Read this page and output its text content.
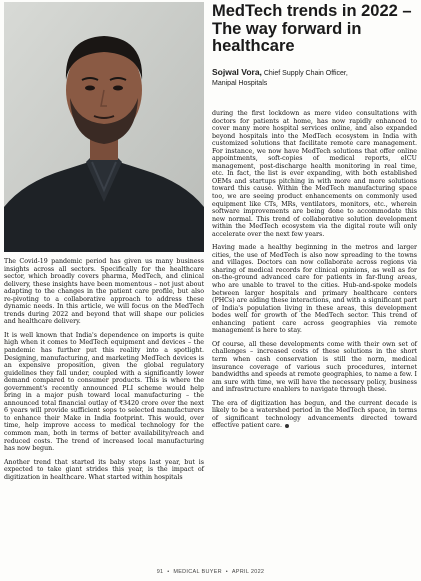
MedTech trends in 2022 – The way forward in healthcare
Sojwal Vora, Chief Supply Chain Officer,
Manipal Hospitals

The Covid-19 pandemic period has given us many business insights across all sectors. Specifically for the healthcare sector, which broadly covers pharma, MedTech, and clinical delivery, these insights have been momentous – not just about adapting to the changes in the patient care profile, but also re-pivoting to a collaborative approach to address these dynamic needs. In this article, we will focus on the MedTech trends during 2022 and beyond that will shape our policies and healthcare delivery.

It is well known that India's dependence on imports is quite high when it comes to MedTech equipment and devices – the pandemic has further put this reality into a spotlight. Designing, manufacturing, and marketing MedTech devices is an expensive proposition, given the global regulatory guidelines they fall under, coupled with a significantly lower demand compared to consumer products. This is where the government's recently announced PLI scheme would help bring in a major push toward local manufacturing – the announced total financial outlay of ₹3420 crore over the next 6 years will provide sufficient sops to selected manufacturers to enhance their Make in India footprint. This would, over time, help improve access to medical technology for the common man, both in terms of better availability/reach and reduced costs. The trend of increased local manufacturing has now begun.

Another trend that started its baby steps last year, but is expected to take giant strides this year, is the impact of digitization in healthcare. What started within hospitals

during the first lockdown as mere video consultations with doctors for patients at home, has now rapidly enhanced to cover many more hospital services online, and also expanded beyond hospitals into the MedTech ecosystem in India with customized solutions that facilitate remote care management. For instance, we now have MedTech solutions that offer online appointments, soft-copies of medical reports, eICU management, post-discharge health monitoring in real time, etc. In fact, the list is ever expanding, with both established OEMs and startups pitching in with more and more solutions toward this cause. Within the MedTech manufacturing space too, we are seeing product enhancements on commonly used equipment like CTs, MRs, ventilators, monitors, etc., wherein software improvements are being done to accommodate this new normal. This trend of collaborative solution development within the MedTech ecosystem via the digital route will only accelerate over the next few years.

Having made a healthy beginning in the metros and larger cities, the use of MedTech is also now spreading to the towns and villages. Doctors can now collaborate across regions via sharing of medical records for clinical opinions, as well as for on-the-ground advanced care for patients in far-flung areas, who are unable to travel to the cities. Hub-and-spoke models between larger hospitals and primary healthcare centers (PHCs) are aiding these interactions, and with a significant part of India's population living in these areas, this development bodes well for growth of the MedTech sector. This trend of enhancing patient care across geographies via remote management is here to stay.

Of course, all these developments come with their own set of challenges – increased costs of these solutions in the short term when cash conservation is still the norm, medical insurance coverage of various such procedures, internet bandwidths and speeds at remote geographies, to name a few. I am sure with time, we will have the necessary policy, business and infrastructure enablers to navigate through these.

The era of digitization has begun, and the current decade is likely to be a watershed period in the MedTech space, in terms of significant technology advancements directed toward effective patient care.

91 • MEDICAL BUYER • APRIL 2022
